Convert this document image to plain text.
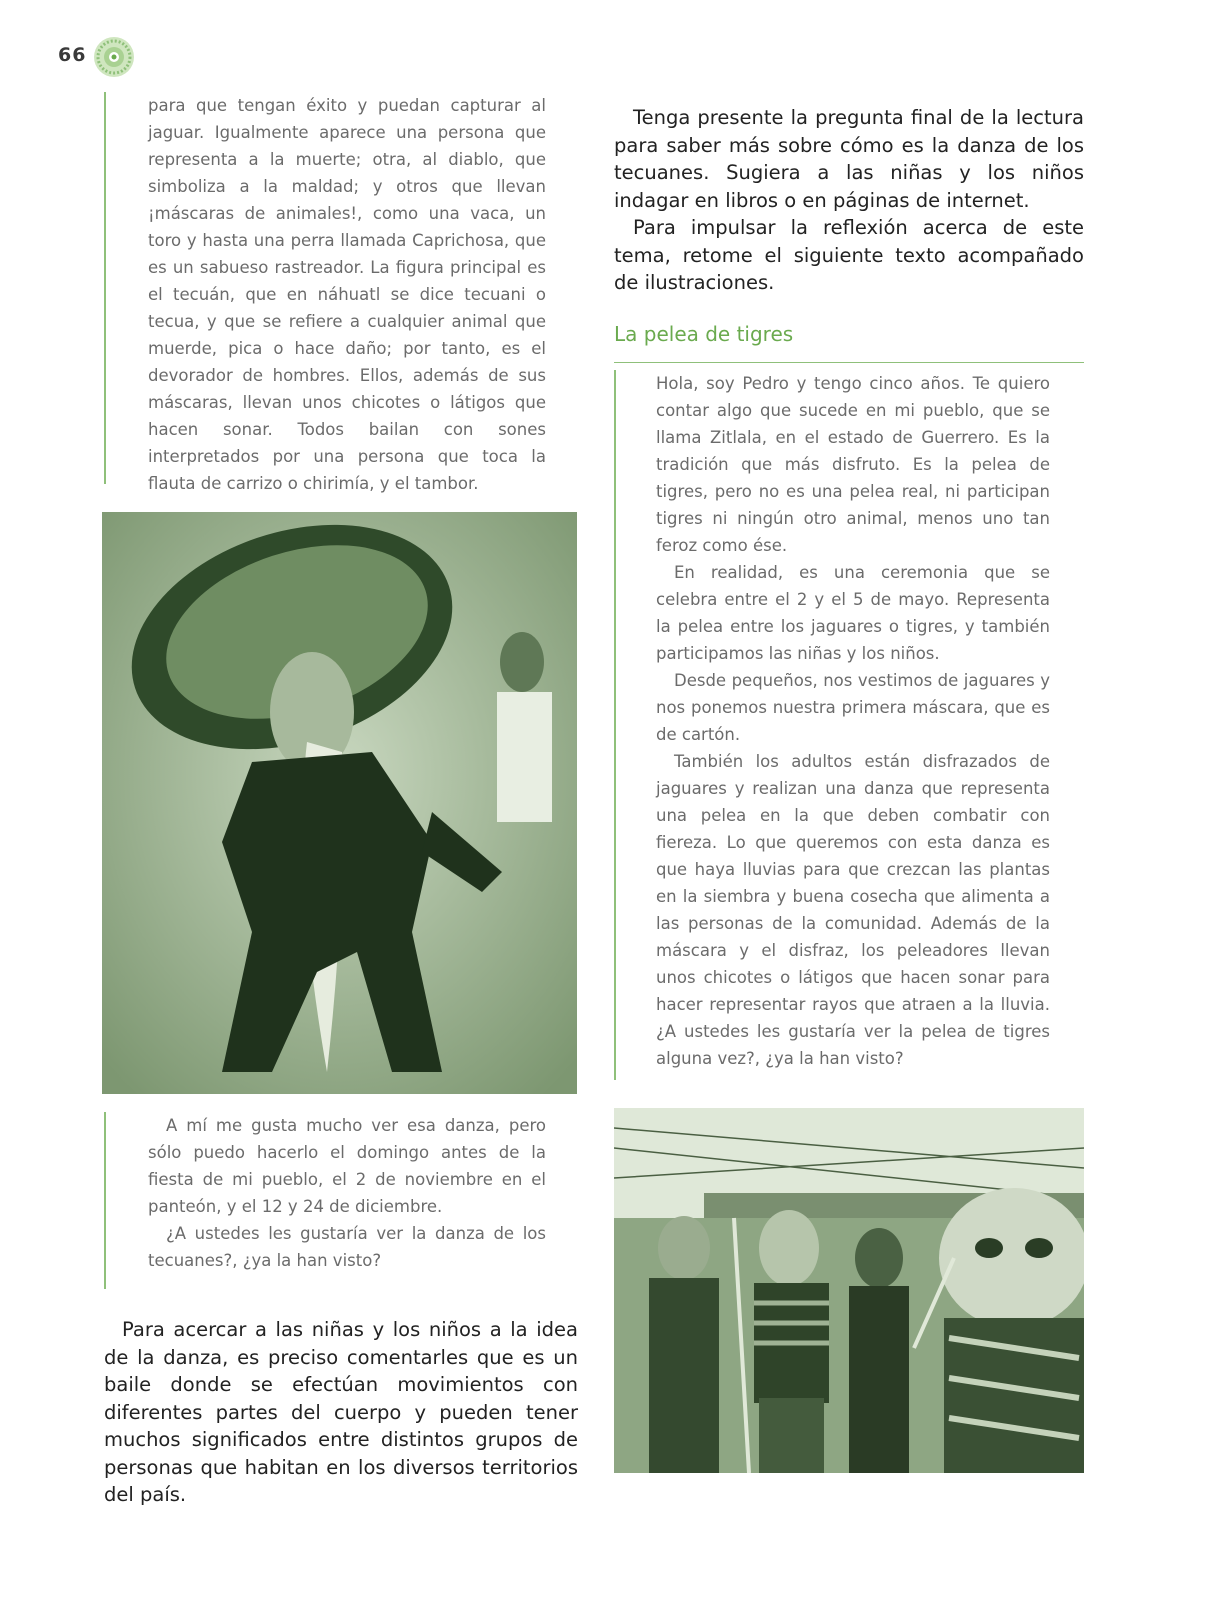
66

para que tengan éxito y puedan capturar al jaguar. Igualmente aparece una persona que representa a la muerte; otra, al diablo, que simboliza a la maldad; y otros que llevan ¡máscaras de animales!, como una vaca, un toro y hasta una perra llamada Caprichosa, que es un sabueso rastreador. La figura principal es el tecuán, que en náhuatl se dice tecuani o tecua, y que se refiere a cualquier animal que muerde, pica o hace daño; por tanto, es el devorador de hombres. Ellos, además de sus máscaras, llevan unos chicotes o látigos que hacen sonar. Todos bailan con sones interpretados por una persona que toca la flauta de carrizo o chirimía, y el tambor.

A mí me gusta mucho ver esa danza, pero sólo puedo hacerlo el domingo antes de la fiesta de mi pueblo, el 2 de noviembre en el panteón, y el 12 y 24 de diciembre.

¿A ustedes les gustaría ver la danza de los tecuanes?, ¿ya la han visto?

Para acercar a las niñas y los niños a la idea de la danza, es preciso comentarles que es un baile donde se efectúan movimientos con diferentes partes del cuerpo y pueden tener muchos significados entre distintos grupos de personas que habitan en los diversos territorios del país.

Tenga presente la pregunta final de la lectura para saber más sobre cómo es la danza de los tecuanes. Sugiera a las niñas y los niños indagar en libros o en páginas de internet.

Para impulsar la reflexión acerca de este tema, retome el siguiente texto acompañado de ilustraciones.

La pelea de tigres

Hola, soy Pedro y tengo cinco años. Te quiero contar algo que sucede en mi pueblo, que se llama Zitlala, en el estado de Guerrero. Es la tradición que más disfruto. Es la pelea de tigres, pero no es una pelea real, ni participan tigres ni ningún otro animal, menos uno tan feroz como ése.

En realidad, es una ceremonia que se celebra entre el 2 y el 5 de mayo. Representa la pelea entre los jaguares o tigres, y también participamos las niñas y los niños.

Desde pequeños, nos vestimos de jaguares y nos ponemos nuestra primera máscara, que es de cartón.

También los adultos están disfrazados de jaguares y realizan una danza que representa una pelea en la que deben combatir con fiereza. Lo que queremos con esta danza es que haya lluvias para que crezcan las plantas en la siembra y buena cosecha que alimenta a las personas de la comunidad. Además de la máscara y el disfraz, los peleadores llevan unos chicotes o látigos que hacen sonar para hacer representar rayos que atraen a la lluvia. ¿A ustedes les gustaría ver la pelea de tigres alguna vez?, ¿ya la han visto?
